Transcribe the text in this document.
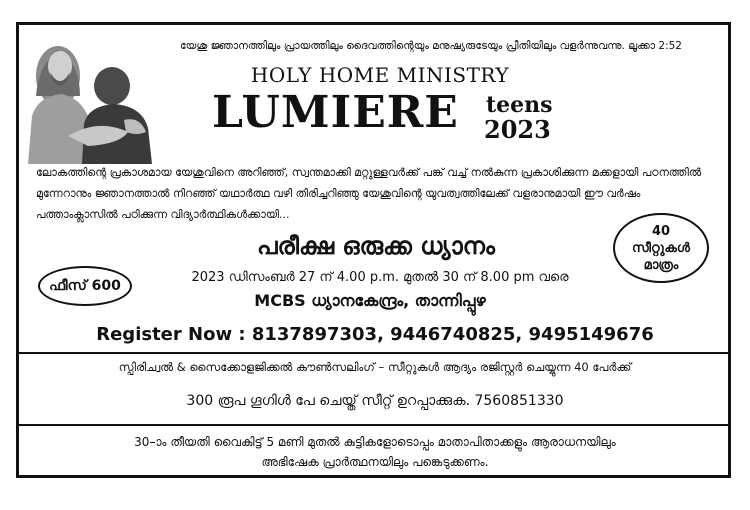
യേശു ജ്ഞാനത്തിലും പ്രായത്തിലും ദൈവത്തിന്റെയും മനുഷ്യരുടേയും പ്രീതിയിലും വളർന്നുവന്നു. ലൂക്കാ 2:52
HOLY HOME MINISTRY
LUMIERE teens
2023
ലോകത്തിന്റെ പ്രകാശമായ യേശുവിനെ അറിഞ്ഞ്, സ്വന്തമാക്കി മറ്റുള്ളവർക്ക് പങ്ക് വച്ച് നൽകുന്ന പ്രകാശിക്കുന്ന മക്കളായി പഠനത്തിൽ മുന്നേറാനും ജ്ഞാനത്താൽ നിറഞ്ഞ് യഥാർത്ഥ വഴി തിരിച്ചറിഞ്ഞു യേശുവിന്റെ യുവത്വത്തിലേക്ക് വളരാനുമായി ഈ വർഷം പത്താംക്ലാസിൽ പഠിക്കുന്ന വിദ്യാർത്ഥികൾക്കായി...
പരീക്ഷ ഒരുക്ക ധ്യാനം
40
സീറ്റുകൾ
മാത്രം
ഫീസ് 600
2023 ഡിസംബർ 27 ന് 4.00 p.m. മുതൽ 30 ന് 8.00 pm വരെ
MCBS ധ്യാനകേന്ദ്രം, താന്നിപ്പുഴ
Register Now : 8137897303, 9446740825, 9495149676
സ്പിരിച്വൽ & സൈക്കോളജിക്കൽ കൗൺസലിംഗ് – സീറ്റുകൾ ആദ്യം രജിസ്റ്റർ ചെയ്യുന്ന 40 പേർക്ക്
300 രൂപ ഗൂഗിൾ പേ ചെയ്ത് സീറ്റ് ഉറപ്പാക്കുക. 7560851330
30–ാം തീയതി വൈകിട്ട് 5 മണി മുതൽ കുട്ടികളോടൊപ്പം മാതാപിതാക്കളും ആരാധനയിലും
അഭിഷേക പ്രാർത്ഥനയിലും പങ്കെടുക്കണം.
